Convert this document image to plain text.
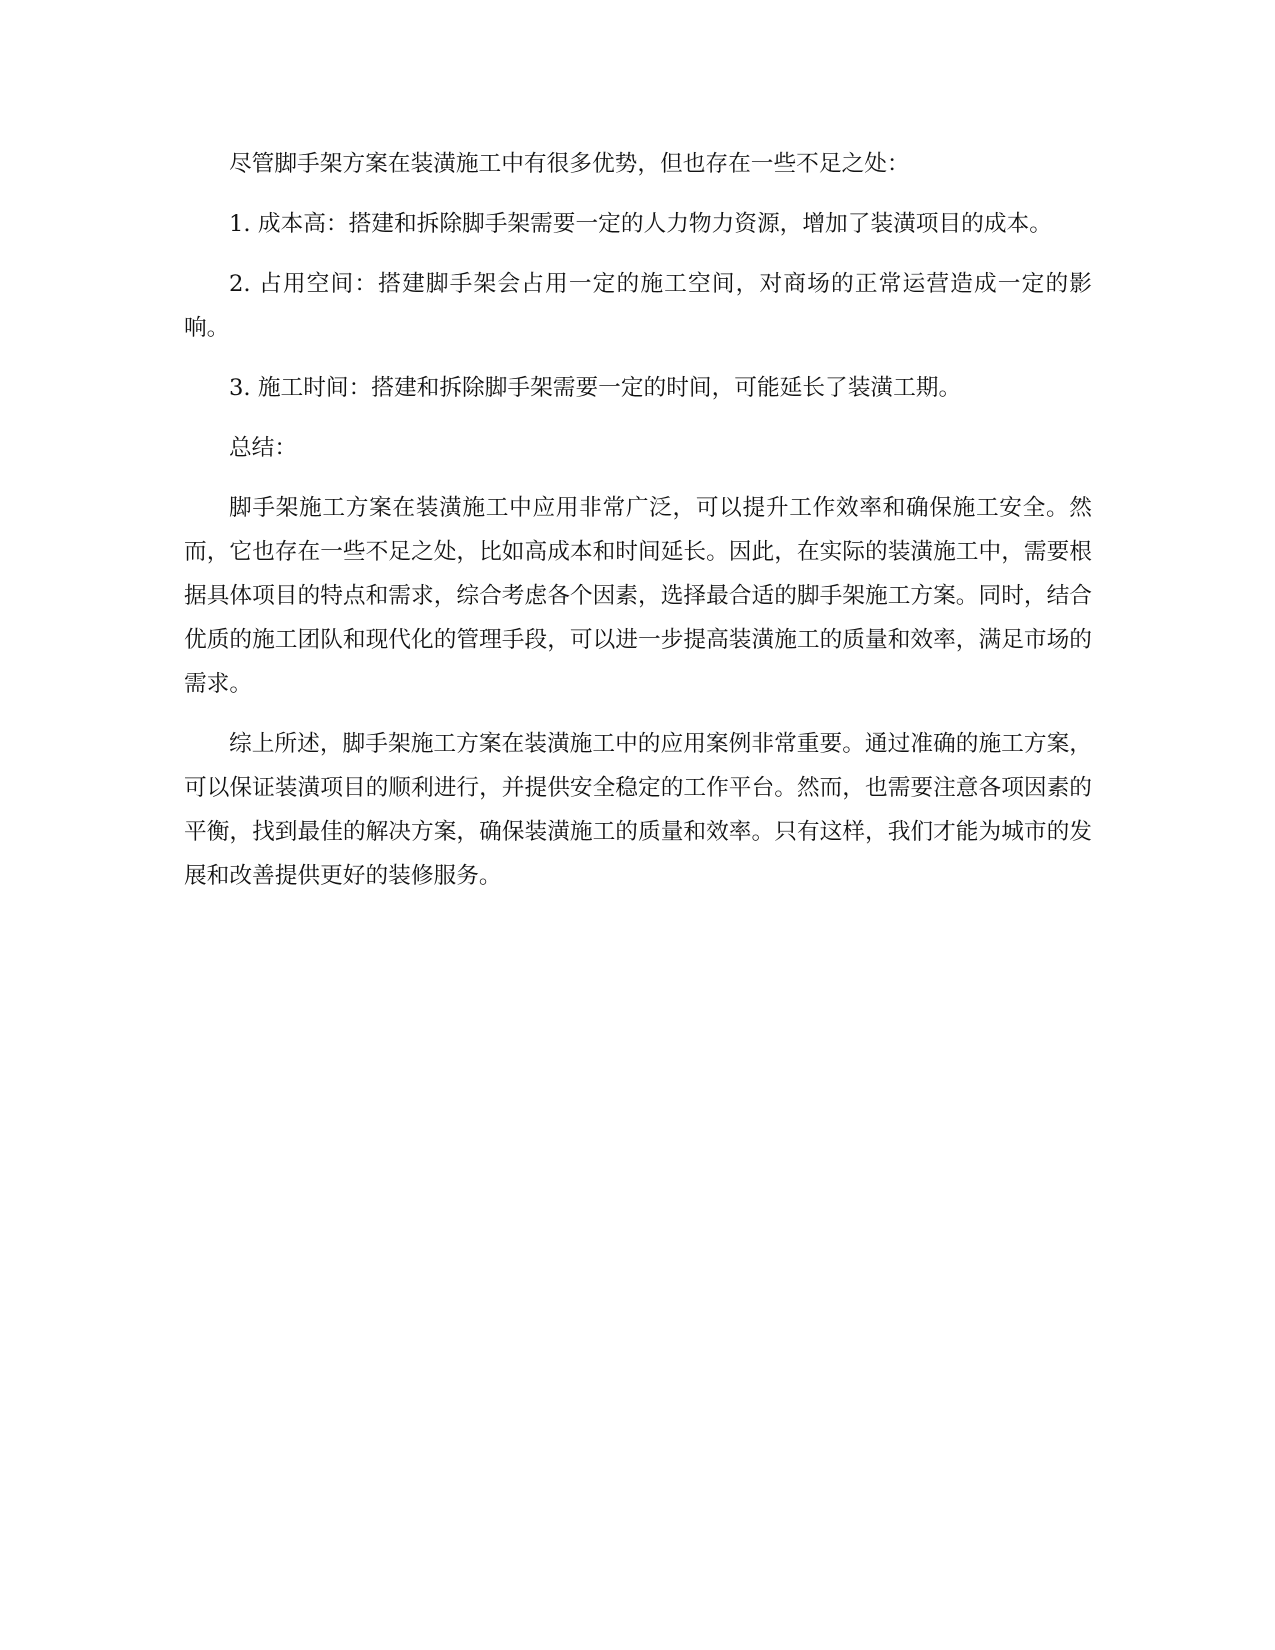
尽管脚手架方案在装潢施工中有很多优势，但也存在一些不足之处：

1. 成本高：搭建和拆除脚手架需要一定的人力物力资源，增加了装潢项目的成本。

2. 占用空间：搭建脚手架会占用一定的施工空间，对商场的正常运营造成一定的影响。

3. 施工时间：搭建和拆除脚手架需要一定的时间，可能延长了装潢工期。

总结：

脚手架施工方案在装潢施工中应用非常广泛，可以提升工作效率和确保施工安全。然而，它也存在一些不足之处，比如高成本和时间延长。因此，在实际的装潢施工中，需要根据具体项目的特点和需求，综合考虑各个因素，选择最合适的脚手架施工方案。同时，结合优质的施工团队和现代化的管理手段，可以进一步提高装潢施工的质量和效率，满足市场的需求。

综上所述，脚手架施工方案在装潢施工中的应用案例非常重要。通过准确的施工方案，可以保证装潢项目的顺利进行，并提供安全稳定的工作平台。然而，也需要注意各项因素的平衡，找到最佳的解决方案，确保装潢施工的质量和效率。只有这样，我们才能为城市的发展和改善提供更好的装修服务。
